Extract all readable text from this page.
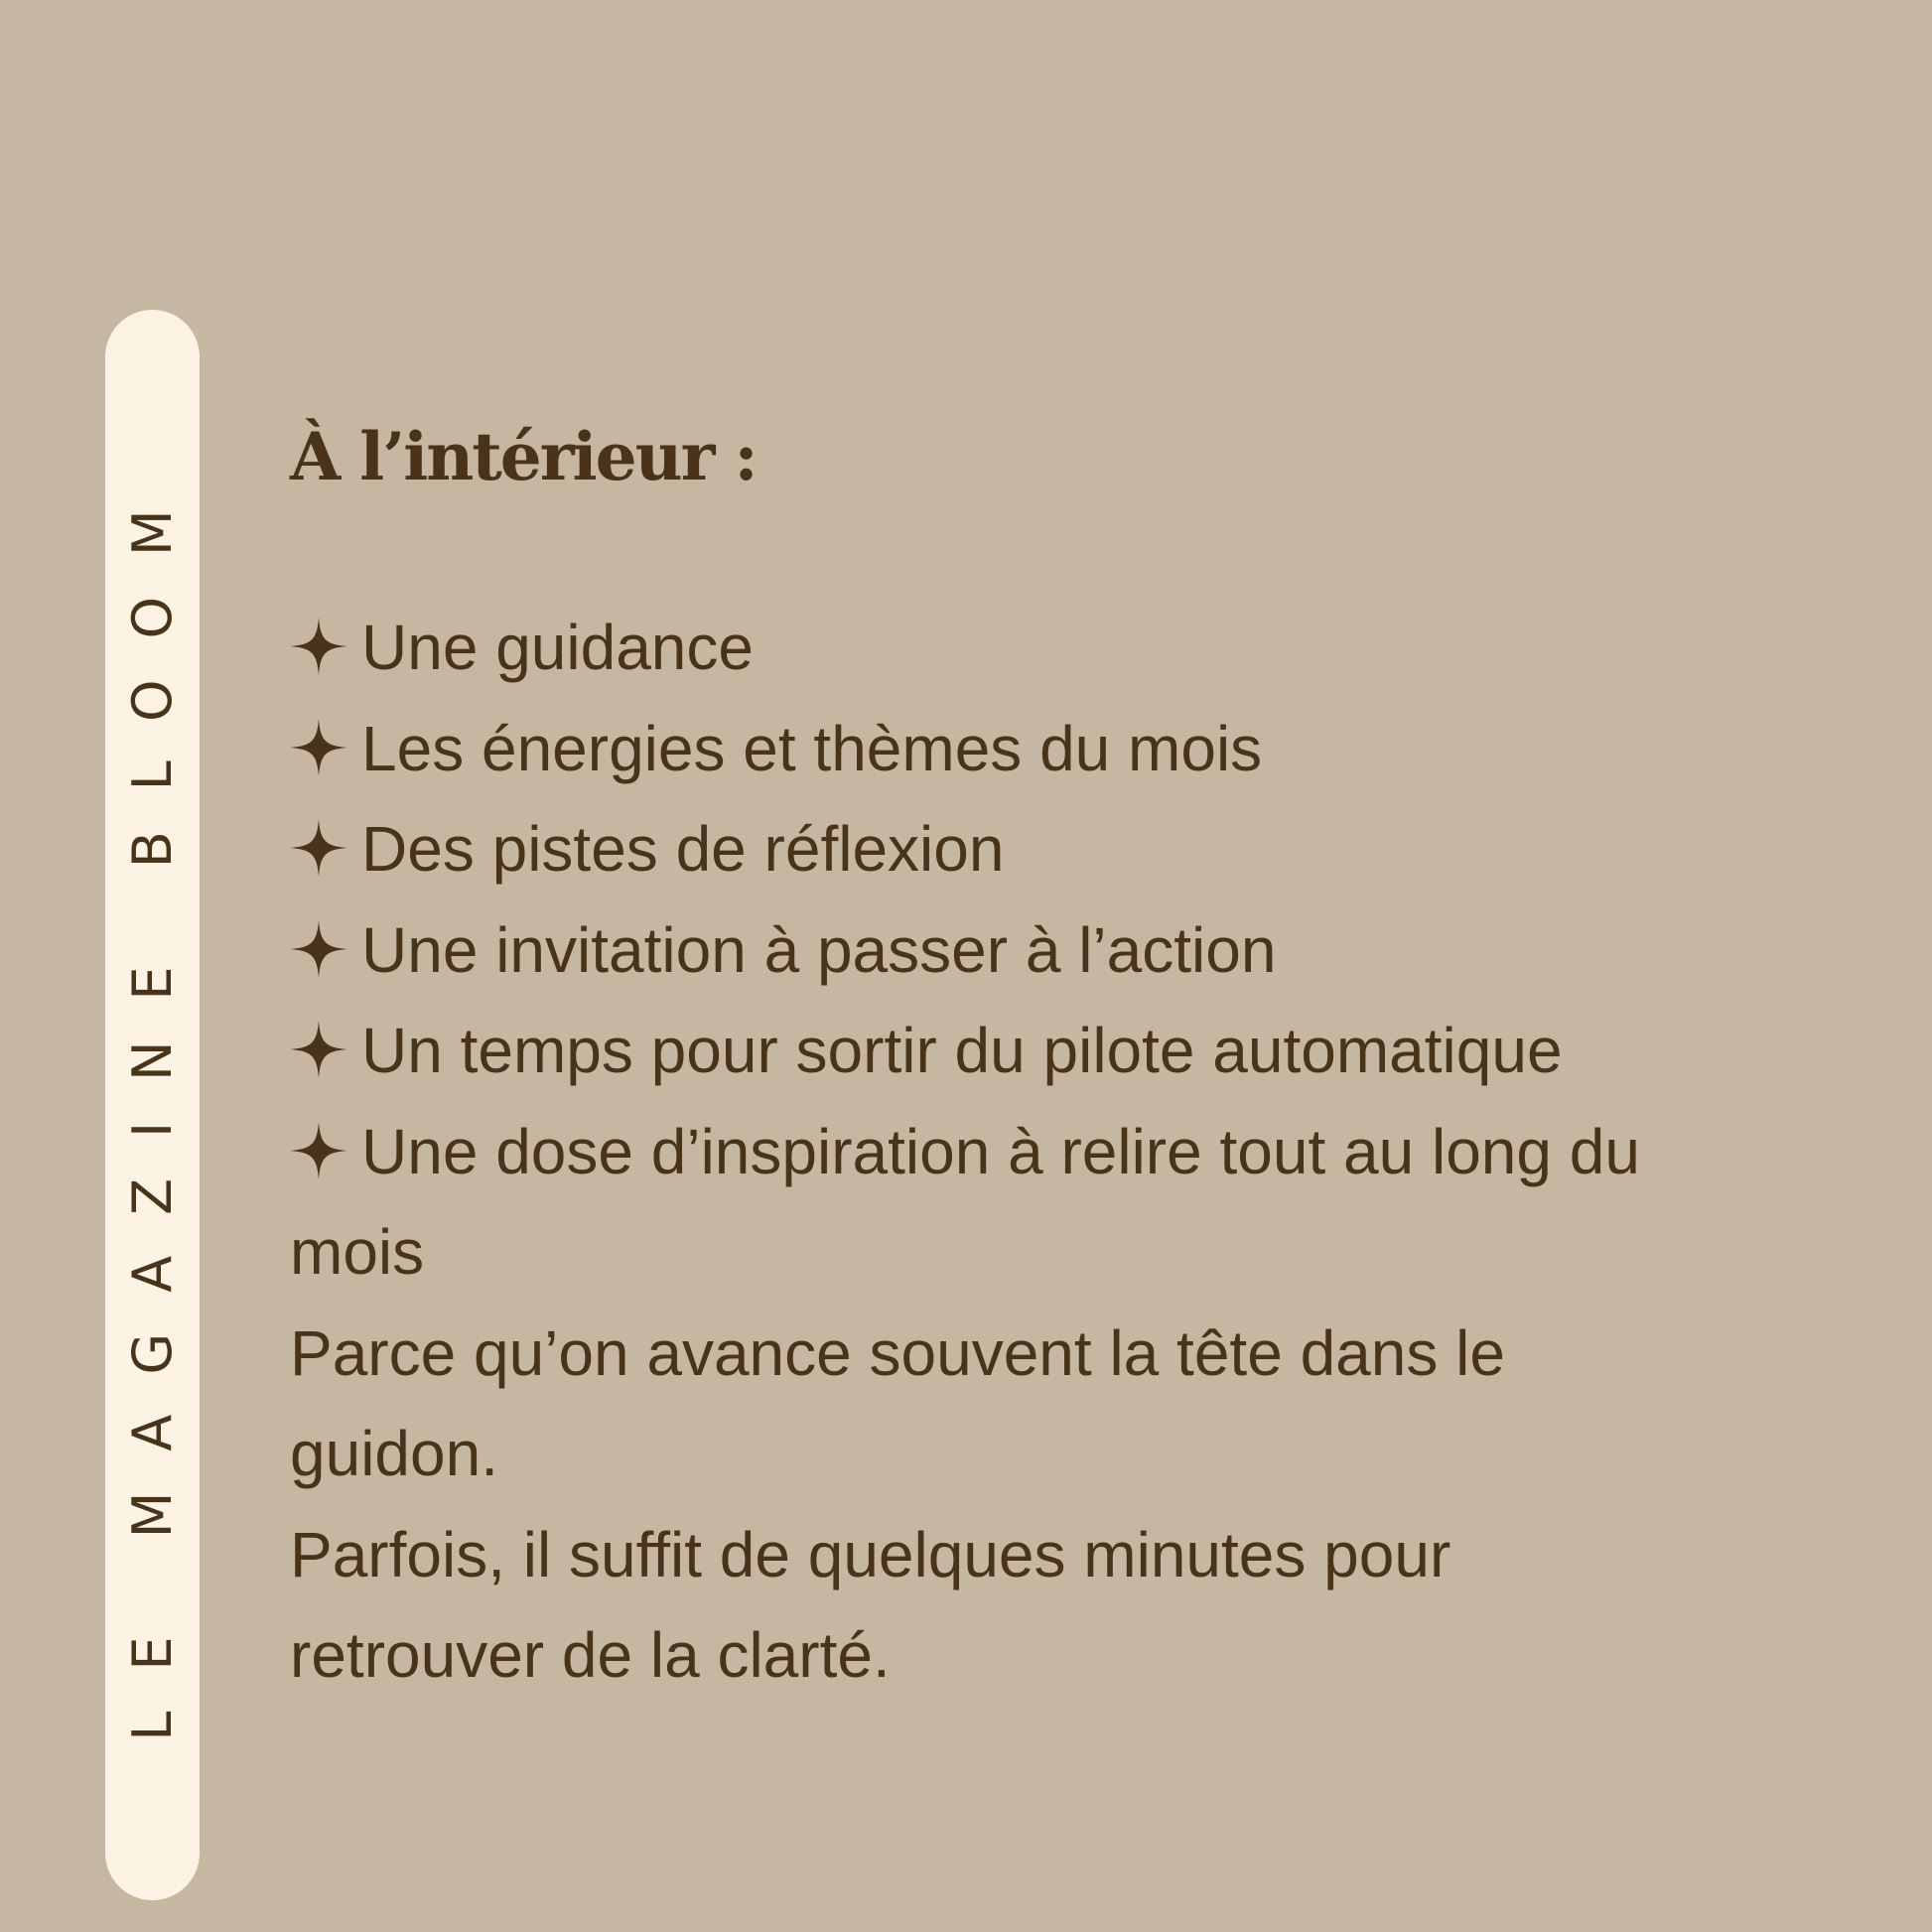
LE MAGAZINE BLOOM
À l’intérieur :
Une guidance
Les énergies et thèmes du mois
Des pistes de réflexion
Une invitation à passer à l’action
Un temps pour sortir du pilote automatique
Une dose d’inspiration à relire tout au long du
mois
Parce qu’on avance souvent la tête dans le
guidon.
Parfois, il suffit de quelques minutes pour
retrouver de la clarté.
